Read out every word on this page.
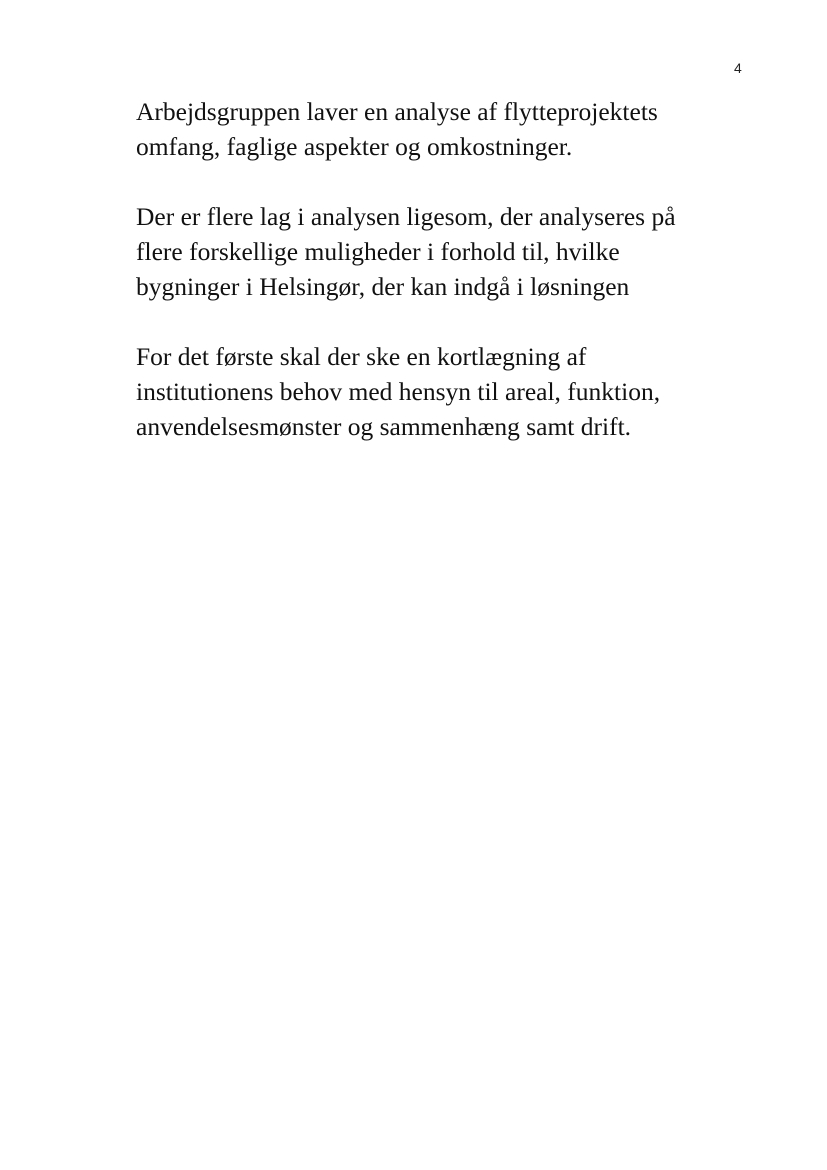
4

Arbejdsgruppen laver en analyse af flytteprojektets
omfang, faglige aspekter og omkostninger.

Der er flere lag i analysen ligesom, der analyseres på
flere forskellige muligheder i forhold til, hvilke
bygninger i Helsingør, der kan indgå i løsningen

For det første skal der ske en kortlægning af
institutionens behov med hensyn til areal, funktion,
anvendelsesmønster og sammenhæng samt drift.
